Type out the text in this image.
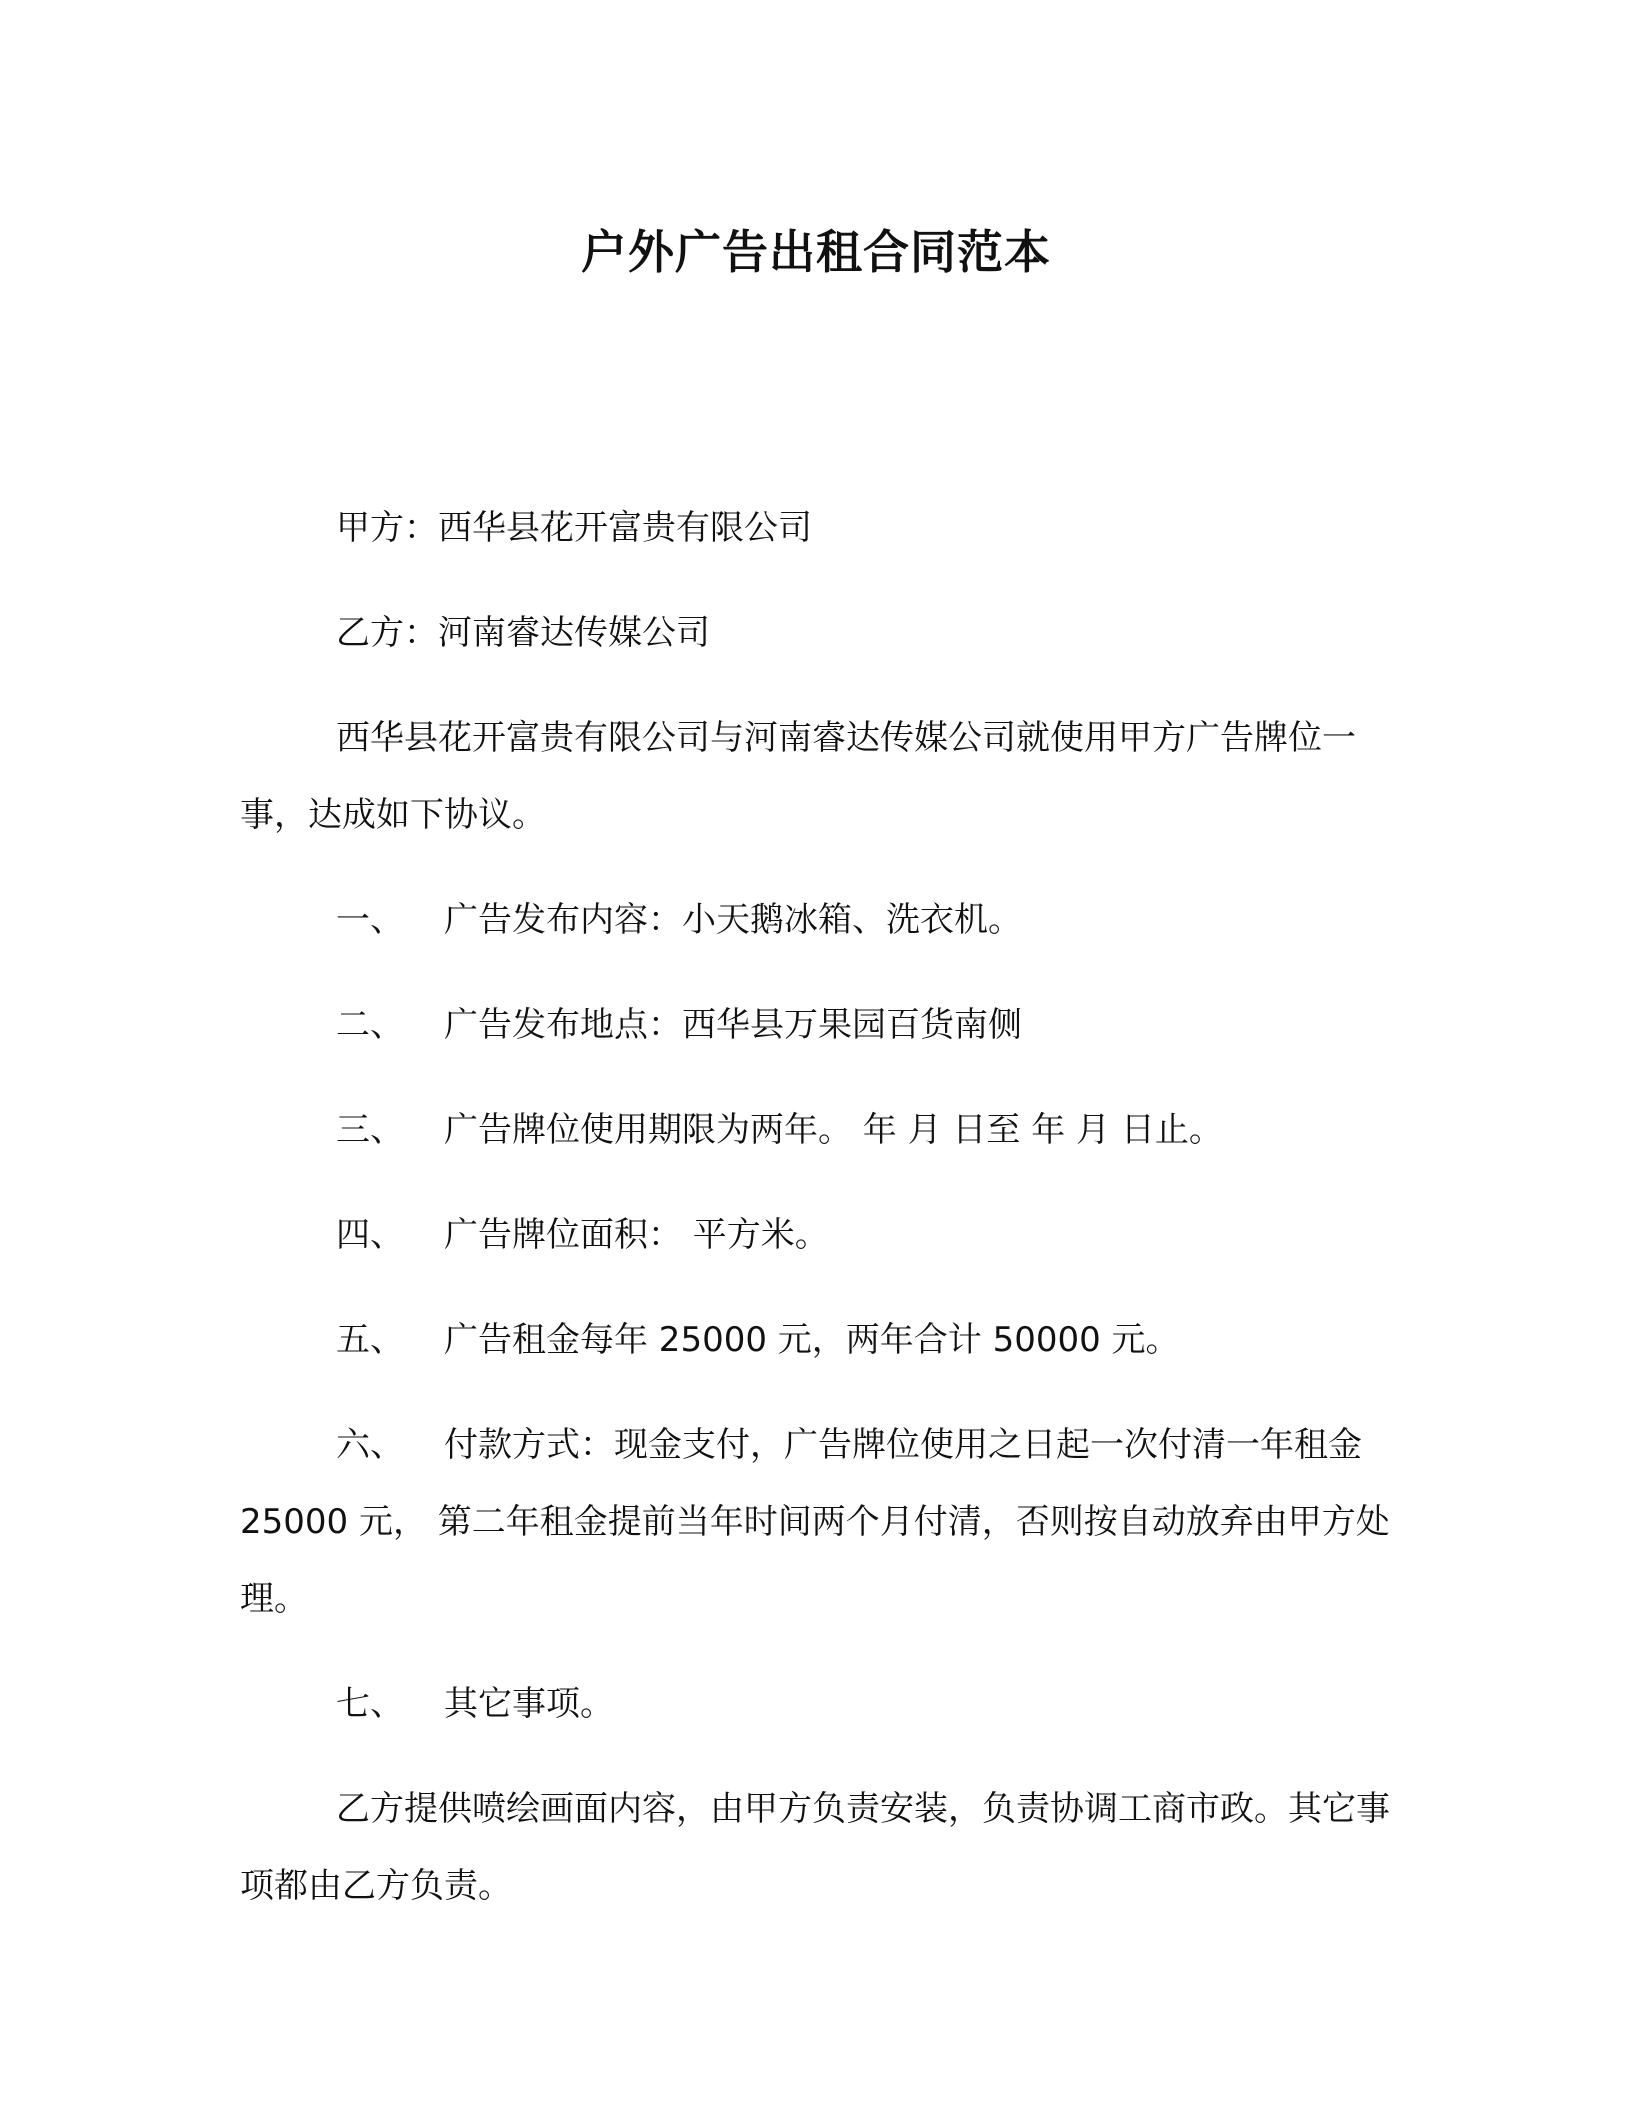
户外广告出租合同范本

甲方：西华县花开富贵有限公司

乙方：河南睿达传媒公司

西华县花开富贵有限公司与河南睿达传媒公司就使用甲方广告牌位一事，达成如下协议。

一、 广告发布内容：小天鹅冰箱、洗衣机。

二、 广告发布地点：西华县万果园百货南侧

三、 广告牌位使用期限为两年。 年 月 日至 年 月 日止。

四、 广告牌位面积： 平方米。

五、 广告租金每年 25000 元，两年合计 50000 元。

六、 付款方式：现金支付，广告牌位使用之日起一次付清一年租金 25000 元， 第二年租金提前当年时间两个月付清，否则按自动放弃由甲方处理。

七、 其它事项。

乙方提供喷绘画面内容，由甲方负责安装，负责协调工商市政。其它事项都由乙方负责。
